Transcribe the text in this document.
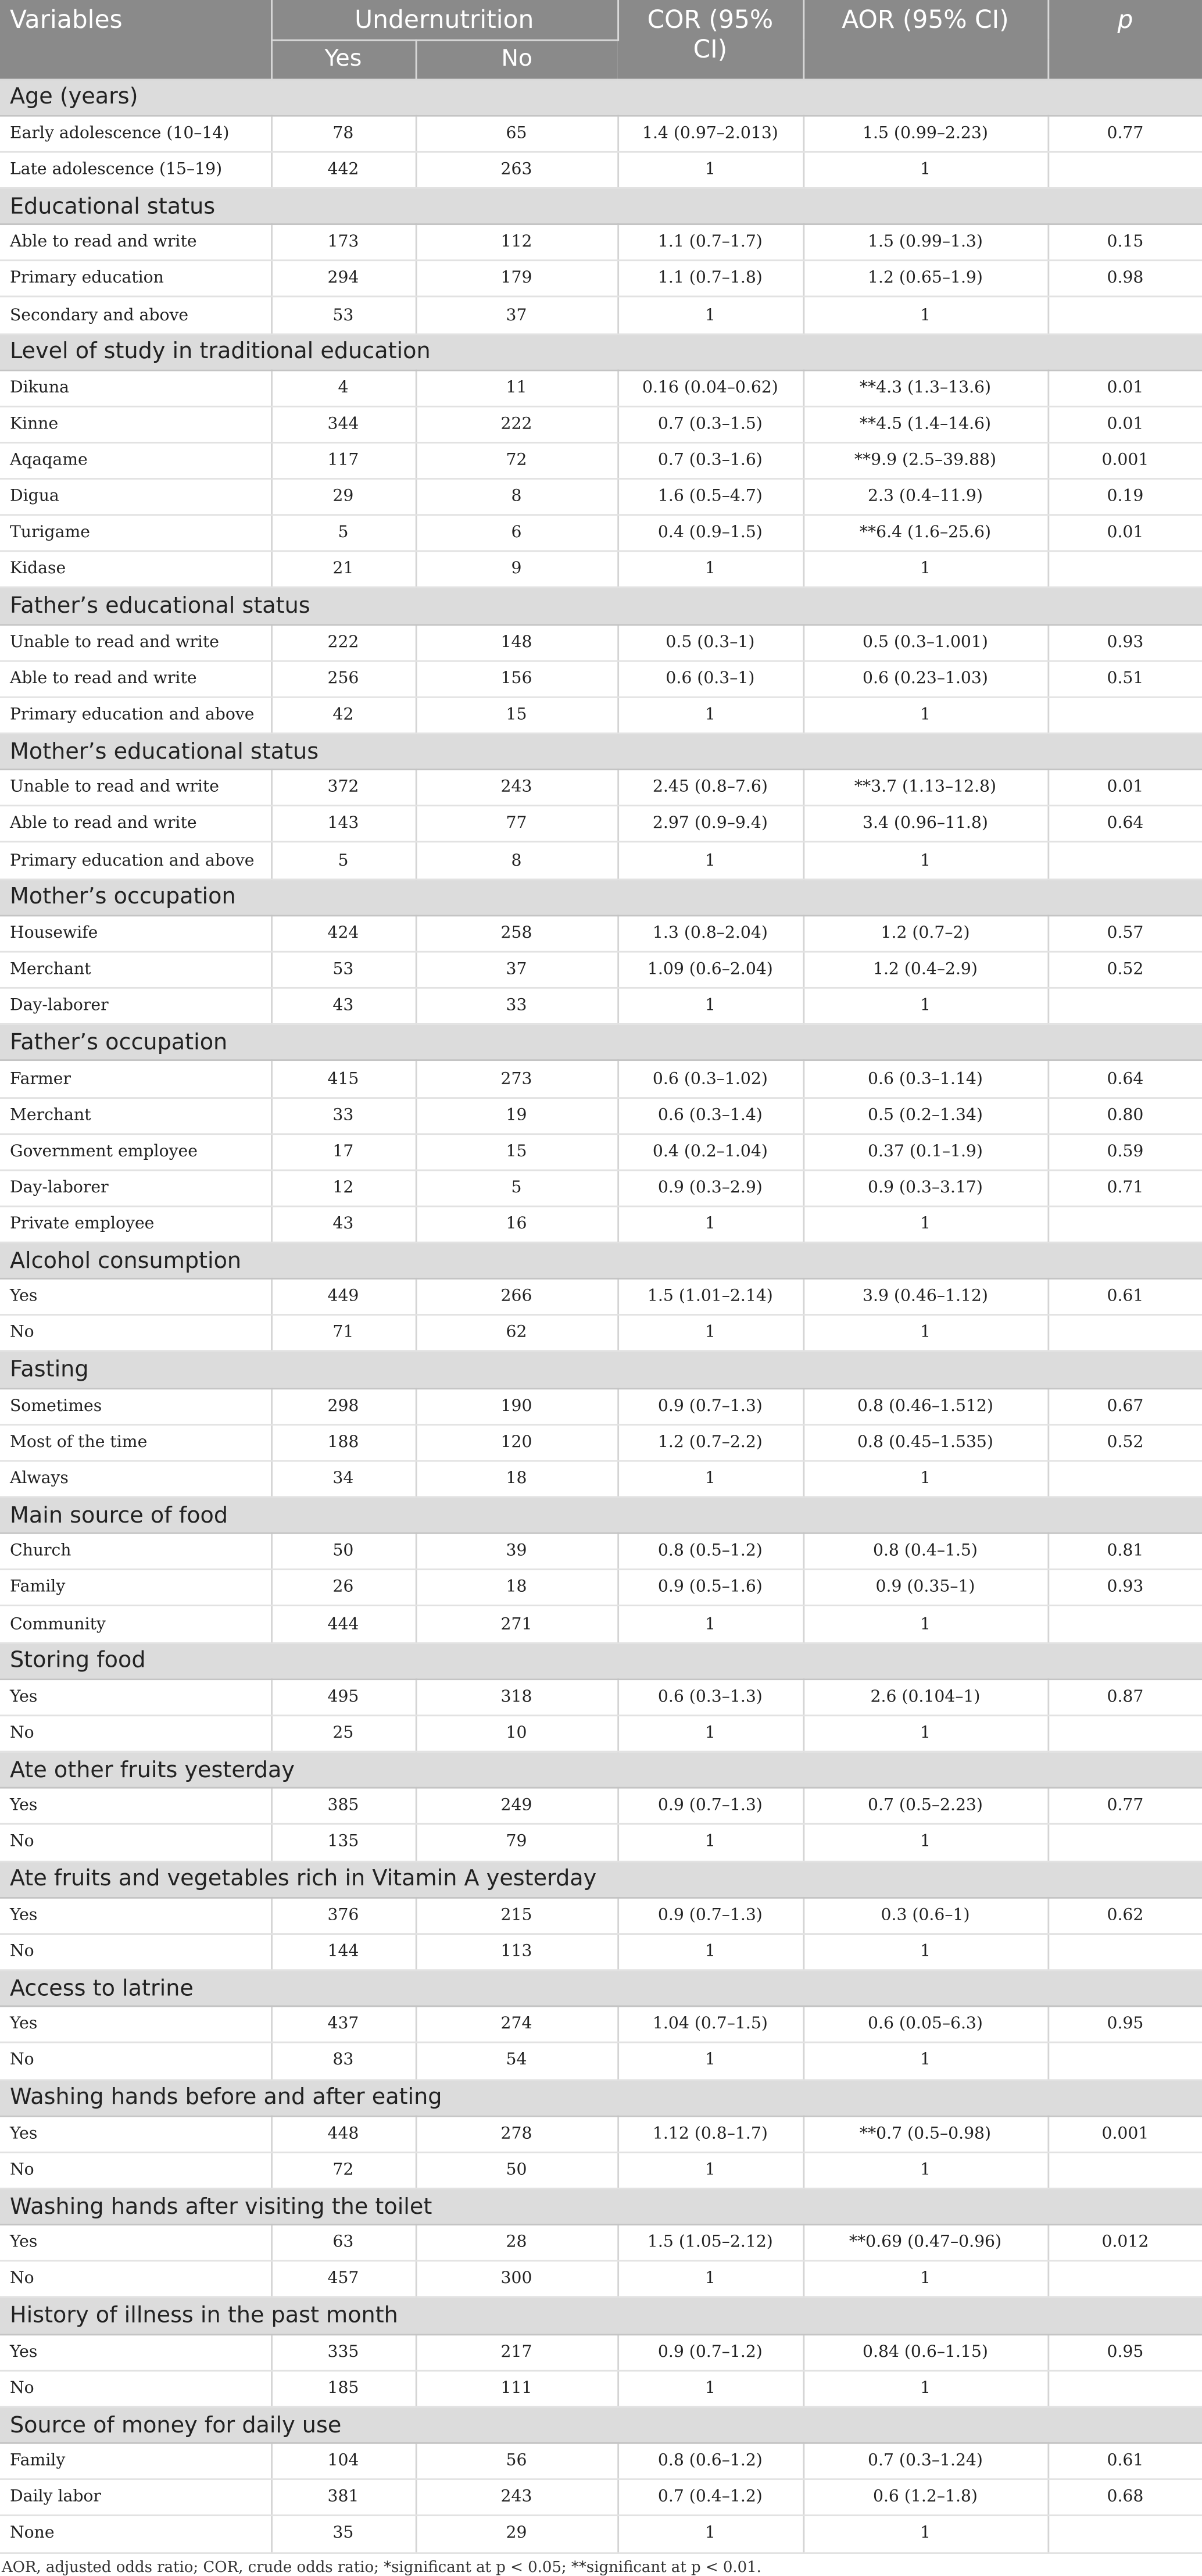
Variables	Undernutrition		COR (95% CI)	AOR (95% CI)	p
	Yes	No			
Age (years)					
Early adolescence (10–14)	78	65	1.4 (0.97–2.013)	1.5 (0.99–2.23)	0.77
Late adolescence (15–19)	442	263	1	1	
Educational status					
Able to read and write	173	112	1.1 (0.7–1.7)	1.5 (0.99–1.3)	0.15
Primary education	294	179	1.1 (0.7–1.8)	1.2 (0.65–1.9)	0.98
Secondary and above	53	37	1	1	
Level of study in traditional education					
Dikuna	4	11	0.16 (0.04–0.62)	**4.3 (1.3–13.6)	0.01
Kinne	344	222	0.7 (0.3–1.5)	**4.5 (1.4–14.6)	0.01
Aqaqame	117	72	0.7 (0.3–1.6)	**9.9 (2.5–39.88)	0.001
Digua	29	8	1.6 (0.5–4.7)	2.3 (0.4–11.9)	0.19
Turigame	5	6	0.4 (0.9–1.5)	**6.4 (1.6–25.6)	0.01
Kidase	21	9	1	1	
Father’s educational status					
Unable to read and write	222	148	0.5 (0.3–1)	0.5 (0.3–1.001)	0.93
Able to read and write	256	156	0.6 (0.3–1)	0.6 (0.23–1.03)	0.51
Primary education and above	42	15	1	1	
Mother’s educational status					
Unable to read and write	372	243	2.45 (0.8–7.6)	**3.7 (1.13–12.8)	0.01
Able to read and write	143	77	2.97 (0.9–9.4)	3.4 (0.96–11.8)	0.64
Primary education and above	5	8	1	1	
Mother’s occupation					
Housewife	424	258	1.3 (0.8–2.04)	1.2 (0.7–2)	0.57
Merchant	53	37	1.09 (0.6–2.04)	1.2 (0.4–2.9)	0.52
Day-laborer	43	33	1	1	
Father’s occupation					
Farmer	415	273	0.6 (0.3–1.02)	0.6 (0.3–1.14)	0.64
Merchant	33	19	0.6 (0.3–1.4)	0.5 (0.2–1.34)	0.80
Government employee	17	15	0.4 (0.2–1.04)	0.37 (0.1–1.9)	0.59
Day-laborer	12	5	0.9 (0.3–2.9)	0.9 (0.3–3.17)	0.71
Private employee	43	16	1	1	
Alcohol consumption					
Yes	449	266	1.5 (1.01–2.14)	3.9 (0.46–1.12)	0.61
No	71	62	1	1	
Fasting					
Sometimes	298	190	0.9 (0.7–1.3)	0.8 (0.46–1.512)	0.67
Most of the time	188	120	1.2 (0.7–2.2)	0.8 (0.45–1.535)	0.52
Always	34	18	1	1	
Main source of food					
Church	50	39	0.8 (0.5–1.2)	0.8 (0.4–1.5)	0.81
Family	26	18	0.9 (0.5–1.6)	0.9 (0.35–1)	0.93
Community	444	271	1	1	
Storing food					
Yes	495	318	0.6 (0.3–1.3)	2.6 (0.104–1)	0.87
No	25	10	1	1	
Ate other fruits yesterday					
Yes	385	249	0.9 (0.7–1.3)	0.7 (0.5–2.23)	0.77
No	135	79	1	1	
Ate fruits and vegetables rich in Vitamin A yesterday					
Yes	376	215	0.9 (0.7–1.3)	0.3 (0.6–1)	0.62
No	144	113	1	1	
Access to latrine					
Yes	437	274	1.04 (0.7–1.5)	0.6 (0.05–6.3)	0.95
No	83	54	1	1	
Washing hands before and after eating					
Yes	448	278	1.12 (0.8–1.7)	**0.7 (0.5–0.98)	0.001
No	72	50	1	1	
Washing hands after visiting the toilet					
Yes	63	28	1.5 (1.05–2.12)	**0.69 (0.47–0.96)	0.012
No	457	300	1	1	
History of illness in the past month					
Yes	335	217	0.9 (0.7–1.2)	0.84 (0.6–1.15)	0.95
No	185	111	1	1	
Source of money for daily use					
Family	104	56	0.8 (0.6–1.2)	0.7 (0.3–1.24)	0.61
Daily labor	381	243	0.7 (0.4–1.2)	0.6 (1.2–1.8)	0.68
None	35	29	1	1	
AOR, adjusted odds ratio; COR, crude odds ratio; *significant at p < 0.05; **significant at p < 0.01.
